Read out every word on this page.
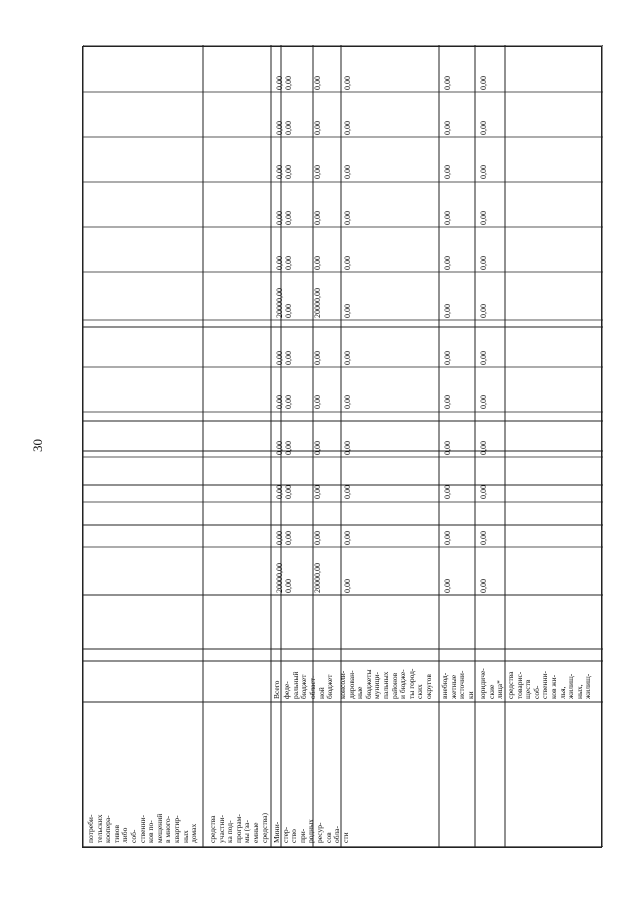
30
потреби-
тельских
коопера-
тивов
либо
соб-
ственни-
ков по-
мещений
в много-
квартир-
ных
домах средства
участни-
ка под-
програм-
мы (за-
емные
средства) Мини-
стер-
ство
при-
родных
ресур-
сов
обла-
сти
Всего феде-
ральный
бюджет област-
ной
бюджет консоли-
дирован-
ные
бюджеты
муници-
пальных
районов
и бюдже-
ты город-
ских
округов внебюд-
жетные
источни-
ки юридиче-
ские
лица* средства
товарис-
ществ
соб-
ственни-
ков жи-
лья,
жилищ-
ных,
жилищ-
20000,00
0,00
0,00
0,00
0,00
0,00
20000,00
0,00
0,00
0,00
0,00
0,00
20000,00
0,00
0,00
0,00
0,00
0,00
20000,00
0,00
0,00
0,00
0,00
0,00
0,00
0,00
0,00
0,00
0,00
0,00
0,00
0,00
0,00
0,00
0,00
0,00
0,00
0,00
0,00
0,00
0,00
0,00
0,00
0,00
0,00
0,00
0,00
0,00
0,00
0,00
0,00
0,00
0,00
0,00
0,00
0,00
0,00
0,00
0,00
0,00
0,00
0,00
0,00
0,00
0,00
0,00
0,00
0,00
0,00
0,00
0,00
0,00
